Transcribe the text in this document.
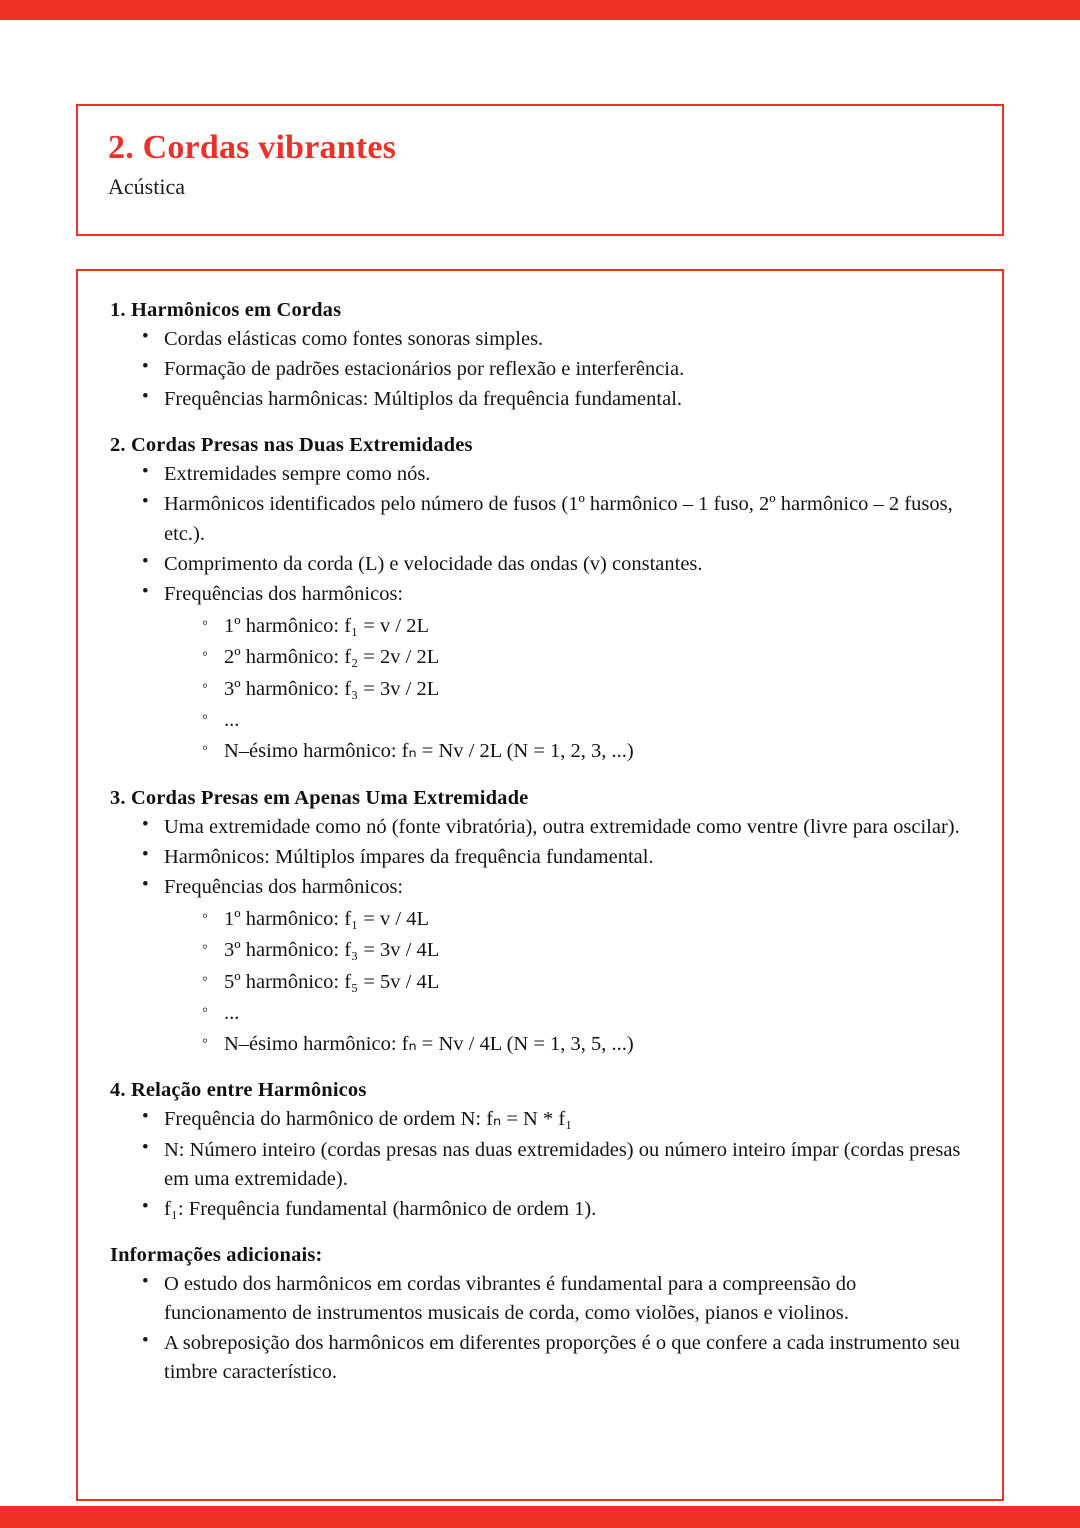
2. Cordas vibrantes
Acústica
1. Harmônicos em Cordas
• Cordas elásticas como fontes sonoras simples.
• Formação de padrões estacionários por reflexão e interferência.
• Frequências harmônicas: Múltiplos da frequência fundamental.
2. Cordas Presas nas Duas Extremidades
• Extremidades sempre como nós.
• Harmônicos identificados pelo número de fusos (1º harmônico – 1 fuso, 2º harmônico – 2 fusos, etc.).
• Comprimento da corda (L) e velocidade das ondas (v) constantes.
• Frequências dos harmônicos:
◦ 1º harmônico: f₁ = v / 2L
◦ 2º harmônico: f₂ = 2v / 2L
◦ 3º harmônico: f₃ = 3v / 2L
◦ ...
◦ N–ésimo harmônico: fₙ = Nv / 2L (N = 1, 2, 3, ...)
3. Cordas Presas em Apenas Uma Extremidade
• Uma extremidade como nó (fonte vibratória), outra extremidade como ventre (livre para oscilar).
• Harmônicos: Múltiplos ímpares da frequência fundamental.
• Frequências dos harmônicos:
◦ 1º harmônico: f₁ = v / 4L
◦ 3º harmônico: f₃ = 3v / 4L
◦ 5º harmônico: f₅ = 5v / 4L
◦ ...
◦ N–ésimo harmônico: fₙ = Nv / 4L (N = 1, 3, 5, ...)
4. Relação entre Harmônicos
• Frequência do harmônico de ordem N: fₙ = N * f₁
• N: Número inteiro (cordas presas nas duas extremidades) ou número inteiro ímpar (cordas presas em uma extremidade).
• f₁: Frequência fundamental (harmônico de ordem 1).
Informações adicionais:
• O estudo dos harmônicos em cordas vibrantes é fundamental para a compreensão do funcionamento de instrumentos musicais de corda, como violões, pianos e violinos.
• A sobreposição dos harmônicos em diferentes proporções é o que confere a cada instrumento seu timbre característico.
